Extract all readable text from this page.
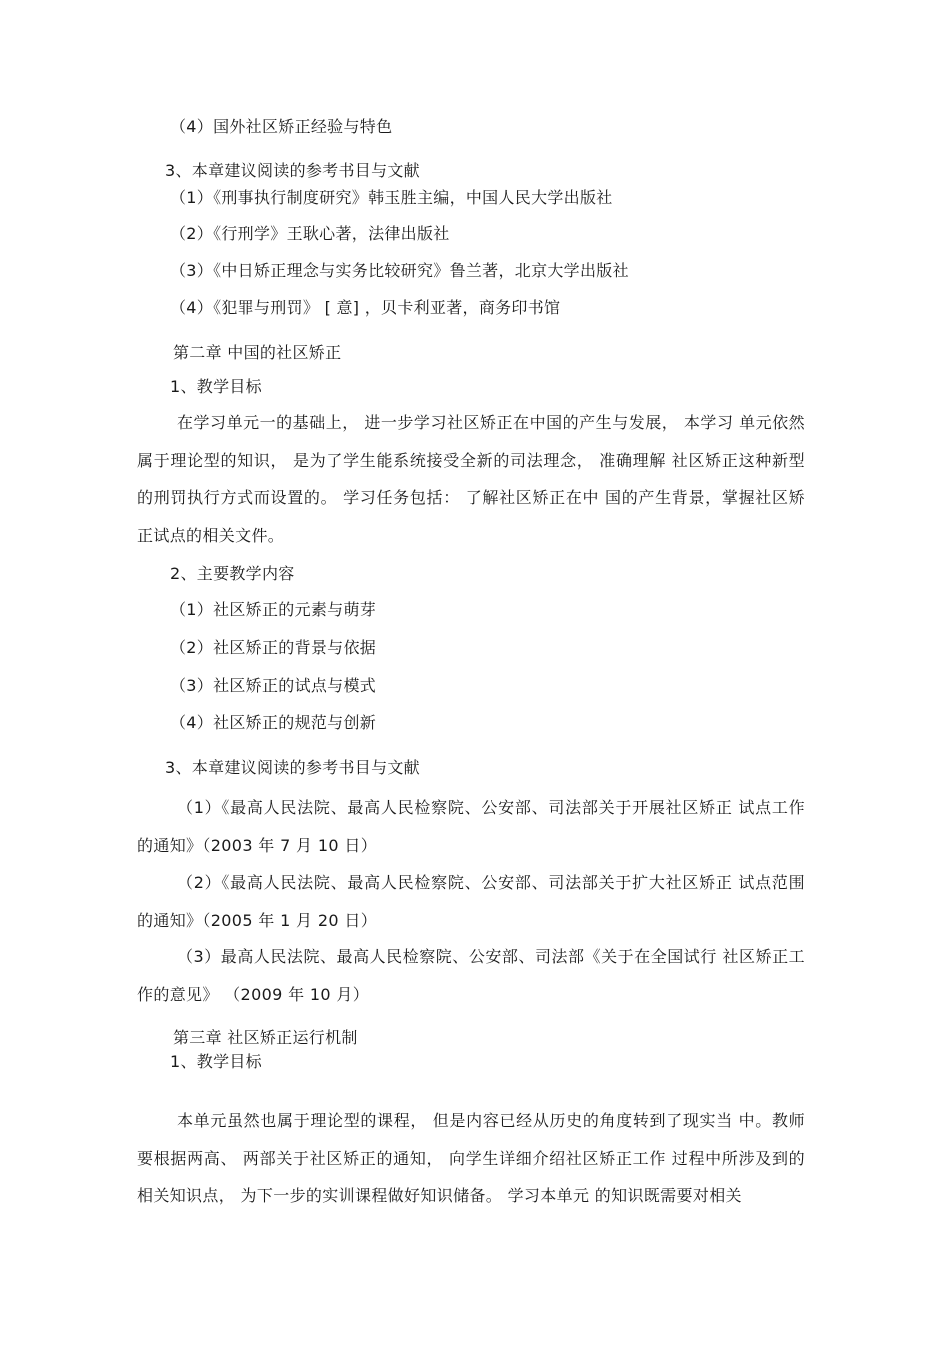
（4）国外社区矫正经验与特色
3、本章建议阅读的参考书目与文献
（1）《刑事执行制度研究》韩玉胜主编，中国人民大学出版社
（2）《行刑学》王耿心著，法律出版社
（3）《中日矫正理念与实务比较研究》鲁兰著，北京大学出版社
（4）《犯罪与刑罚》 [ 意] ，贝卡利亚著，商务印书馆
第二章 中国的社区矫正
1、教学目标
在学习单元一的基础上， 进一步学习社区矫正在中国的产生与发展， 本学习 单元依然属于理论型的知识， 是为了学生能系统接受全新的司法理念， 准确理解 社区矫正这种新型的刑罚执行方式而设置的。 学习任务包括： 了解社区矫正在中 国的产生背景，掌握社区矫正试点的相关文件。
2、主要教学内容
（1）社区矫正的元素与萌芽
（2）社区矫正的背景与依据
（3）社区矫正的试点与模式
（4）社区矫正的规范与创新
3、本章建议阅读的参考书目与文献
（1）《最高人民法院、最高人民检察院、公安部、司法部关于开展社区矫正 试点工作的通知》（2003 年 7 月 10 日）
（2）《最高人民法院、最高人民检察院、公安部、司法部关于扩大社区矫正 试点范围的通知》（2005 年 1 月 20 日）
（3）最高人民法院、最高人民检察院、公安部、司法部《关于在全国试行 社区矫正工作的意见》 （2009 年 10 月）
第三章 社区矫正运行机制
1、教学目标
本单元虽然也属于理论型的课程， 但是内容已经从历史的角度转到了现实当 中。教师要根据两高、 两部关于社区矫正的通知， 向学生详细介绍社区矫正工作 过程中所涉及到的相关知识点， 为下一步的实训课程做好知识储备。 学习本单元 的知识既需要对相关
